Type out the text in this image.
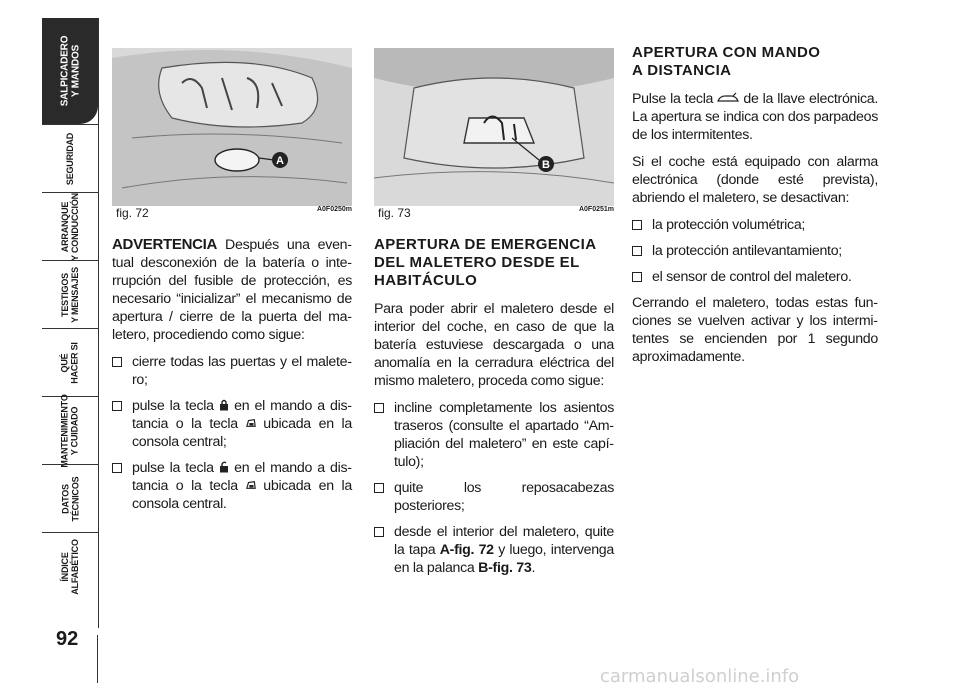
SALPICADERO
Y MANDOS
SEGURIDAD
ARRANQUE
Y CONDUCCIÓN
TESTIGOS
Y MENSAJES
QUÉ
HACER SI
MANTENIMIENTO
Y CUIDADO
DATOS
TÉCNICOS
ÍNDICE
ALFABÉTICO
92
A
fig. 72	A0F0250m
B
fig. 73	A0F0251m

ADVERTENCIA Después una eventual desconexión de la batería o interrupción del fusible de protección, es necesario “inicializar” el mecanismo de apertura / cierre de la puerta del maletero, procediendo como sigue:

cierre todas las puertas y el maletero;
pulse la tecla  en el mando a distancia o la tecla  ubicada en la consola central;
pulse la tecla  en el mando a distancia o la tecla  ubicada en la consola central.
APERTURA DE EMERGENCIA DEL MALETERO DESDE EL HABITÁCULO

Para poder abrir el maletero desde el interior del coche, en caso de que la batería estuviese descargada o una anomalía en la cerradura eléctrica del mismo maletero, proceda como sigue:

incline completamente los asientos traseros (consulte el apartado “Ampliación del maletero” en este capítulo);
quite los reposacabezas posteriores;
desde el interior del maletero, quite la tapa A-fig. 72 y luego, intervenga en la palanca B-fig. 73.
APERTURA CON MANDO A DISTANCIA

Pulse la tecla  de la llave electrónica. La apertura se indica con dos parpadeos de los intermitentes.

Si el coche está equipado con alarma electrónica (donde esté prevista), abriendo el maletero, se desactivan:

la protección volumétrica;
la protección antilevantamiento;
el sensor de control del maletero.

Cerrando el maletero, todas estas funciones se vuelven activar y los intermitentes se encienden por 1 segundo aproximadamente.

carmanualsonline.info
